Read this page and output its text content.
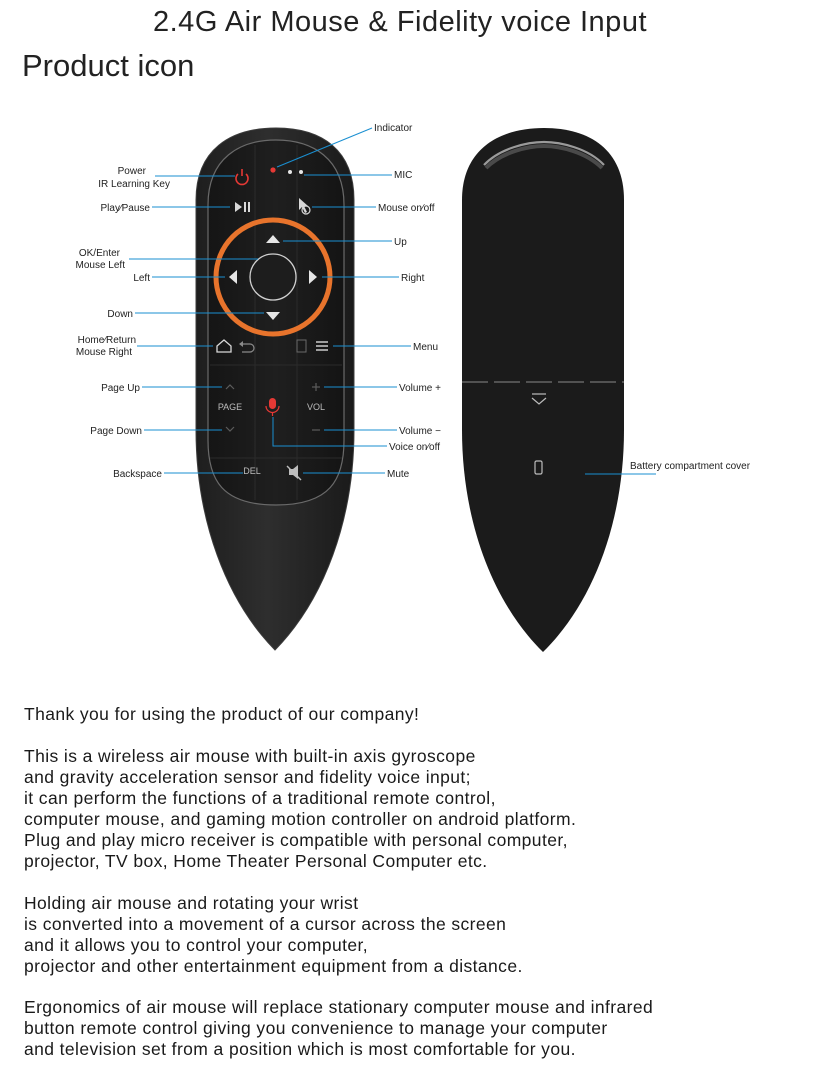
2.4G Air Mouse & Fidelity voice Input
Product icon
PAGE	VOL
DEL
Indicator
Power
IR Learning Key
MIC
Play∕Pause	Mouse on∕off
OK/Enter
Mouse Left
Up
Left	Right
Down
Home∕Return
Mouse Right	Menu
Page Up	Volume +
Page Down	Volume −
Voice on∕off
Backspace	Mute
Battery compartment cover
Thank you for using the product of our company!
This is a wireless air mouse with built-in axis gyroscope
and gravity acceleration sensor and fidelity voice input;
it can perform the functions of a traditional remote control,
computer mouse, and gaming motion controller on android platform.
Plug and play micro receiver is compatible with personal computer,
projector, TV box, Home Theater Personal Computer etc.
Holding air mouse and rotating your wrist
is converted into a movement of a cursor across the screen
and it allows you to control your computer,
projector and other entertainment equipment from a distance.
Ergonomics of air mouse will replace stationary computer mouse and infrared
button remote control giving you convenience to manage your computer
and television set from a position which is most comfortable for you.
